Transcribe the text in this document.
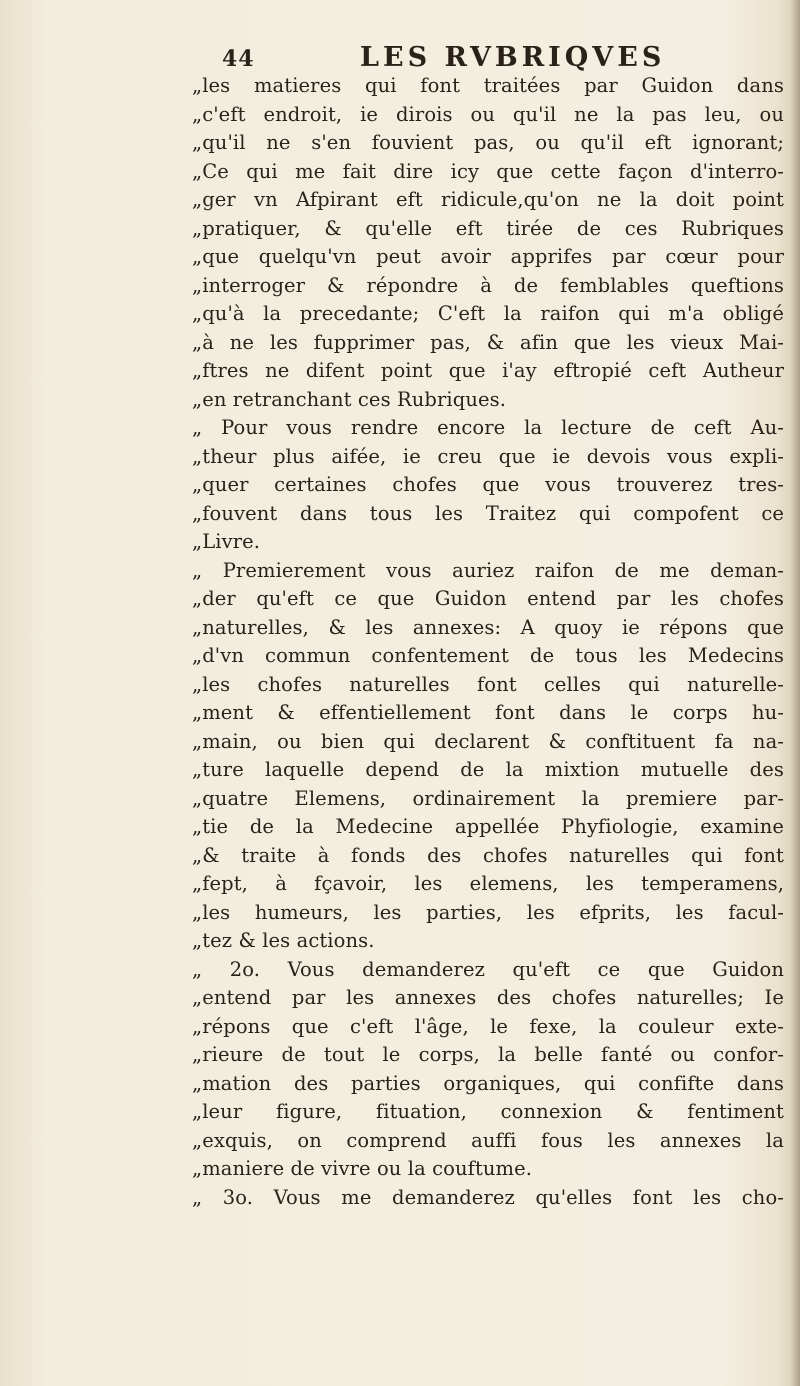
44	LES RVBRIQVES
„les matieres qui font traitées par Guidon dans
„c'eft endroit, ie dirois ou qu'il ne la pas leu, ou
„qu'il ne s'en fouvient pas, ou qu'il eft ignorant;
„Ce qui me fait dire icy que cette façon d'interro-
„ger vn Afpirant eft ridicule,qu'on ne la doit point
„pratiquer, & qu'elle eft tirée de ces Rubriques
„que quelqu'vn peut avoir apprifes par cœur pour
„interroger & répondre à de femblables queftions
„qu'à la precedante; C'eft la raifon qui m'a obligé
„à ne les fupprimer pas, & afin que les vieux Mai-
„ftres ne difent point que i'ay eftropié ceft Autheur
„en retranchant ces Rubriques.
„ Pour vous rendre encore la lecture de ceft Au-
„theur plus aifée, ie creu que ie devois vous expli-
„quer certaines chofes que vous trouverez tres-
„fouvent dans tous les Traitez qui compofent ce
„Livre.
„ Premierement vous auriez raifon de me deman-
„der qu'eft ce que Guidon entend par les chofes
„naturelles, & les annexes: A quoy ie répons que
„d'vn commun confentement de tous les Medecins
„les chofes naturelles font celles qui naturelle-
„ment & effentiellement font dans le corps hu-
„main, ou bien qui declarent & conftituent fa na-
„ture laquelle depend de la mixtion mutuelle des
„quatre Elemens, ordinairement la premiere par-
„tie de la Medecine appellée Phyfiologie, examine
„& traite à fonds des chofes naturelles qui font
„fept, à fçavoir, les elemens, les temperamens,
„les humeurs, les parties, les efprits, les facul-
„tez & les actions.
„ 2o. Vous demanderez qu'eft ce que Guidon
„entend par les annexes des chofes naturelles; Ie
„répons que c'eft l'âge, le fexe, la couleur exte-
„rieure de tout le corps, la belle fanté ou confor-
„mation des parties organiques, qui confifte dans
„leur figure, fituation, connexion & fentiment
„exquis, on comprend auffi fous les annexes la
„maniere de vivre ou la couftume.
„ 3o. Vous me demanderez qu'elles font les cho-
